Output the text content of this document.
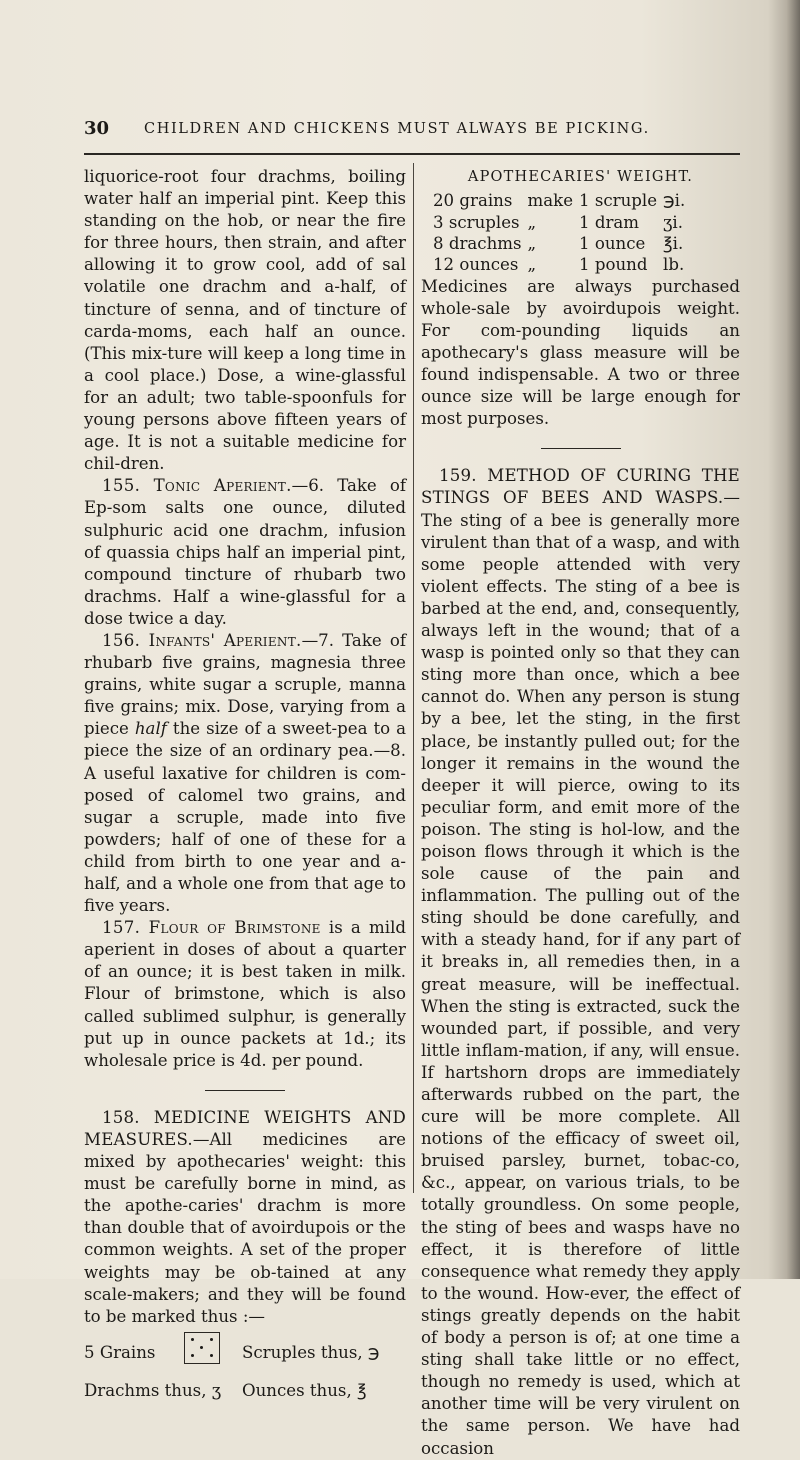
30 CHILDREN AND CHICKENS MUST ALWAYS BE PICKING.

liquorice-root four drachms, boiling water half an imperial pint. Keep this standing on the hob, or near the fire for three hours, then strain, and after allowing it to grow cool, add of sal volatile one drachm and a-half, of tincture of senna, and of tincture of carda-moms, each half an ounce. (This mix-ture will keep a long time in a cool place.) Dose, a wine-glassful for an adult; two table-spoonfuls for young persons above fifteen years of age. It is not a suitable medicine for chil-dren.

155. Tonic Aperient.—6. Take of Ep-som salts one ounce, diluted sulphuric acid one drachm, infusion of quassia chips half an imperial pint, compound tincture of rhubarb two drachms. Half a wine-glassful for a dose twice a day.

156. Infants' Aperient.—7. Take of rhubarb five grains, magnesia three grains, white sugar a scruple, manna five grains; mix. Dose, varying from a piece half the size of a sweet-pea to a piece the size of an ordinary pea.—8. A useful laxative for children is com-posed of calomel two grains, and sugar a scruple, made into five powders; half of one of these for a child from birth to one year and a-half, and a whole one from that age to five years.

157. Flour of Brimstone is a mild aperient in doses of about a quarter of an ounce; it is best taken in milk. Flour of brimstone, which is also called sublimed sulphur, is generally put up in ounce packets at 1d.; its wholesale price is 4d. per pound.

158. MEDICINE WEIGHTS AND MEASURES.—All medicines are mixed by apothecaries' weight: this must be carefully borne in mind, as the apothe-caries' drachm is more than double that of avoirdupois or the common weights. A set of the proper weights may be ob-tained at any scale-makers; and they will be found to be marked thus :—

5 Grains	Scruples thus, ℈
Drachms thus, ʒ Ounces thus, ℥
APOTHECARIES' WEIGHT.
20 grains	make	1 scruple	℈i.
3 scruples	„	1 dram	ʒi.
8 drachms	„	1 ounce	℥i.
12 ounces	„	1 pound	lb.

Medicines are always purchased whole-sale by avoirdupois weight. For com-pounding liquids an apothecary's glass measure will be found indispensable. A two or three ounce size will be large enough for most purposes.

159. METHOD OF CURING THE STINGS OF BEES AND WASPS.—The sting of a bee is generally more virulent than that of a wasp, and with some people attended with very violent effects. The sting of a bee is barbed at the end, and, consequently, always left in the wound; that of a wasp is pointed only so that they can sting more than once, which a bee cannot do. When any person is stung by a bee, let the sting, in the first place, be instantly pulled out; for the longer it remains in the wound the deeper it will pierce, owing to its peculiar form, and emit more of the poison. The sting is hol-low, and the poison flows through it which is the sole cause of the pain and inflammation. The pulling out of the sting should be done carefully, and with a steady hand, for if any part of it breaks in, all remedies then, in a great measure, will be ineffectual. When the sting is extracted, suck the wounded part, if possible, and very little inflam-mation, if any, will ensue. If hartshorn drops are immediately afterwards rubbed on the part, the cure will be more complete. All notions of the efficacy of sweet oil, bruised parsley, burnet, tobac-co, &c., appear, on various trials, to be totally groundless. On some people, the sting of bees and wasps have no effect, it is therefore of little consequence what remedy they apply to the wound. How-ever, the effect of stings greatly depends on the habit of body a person is of; at one time a sting shall take little or no effect, though no remedy is used, which at another time will be very virulent on the same person. We have had occasion
